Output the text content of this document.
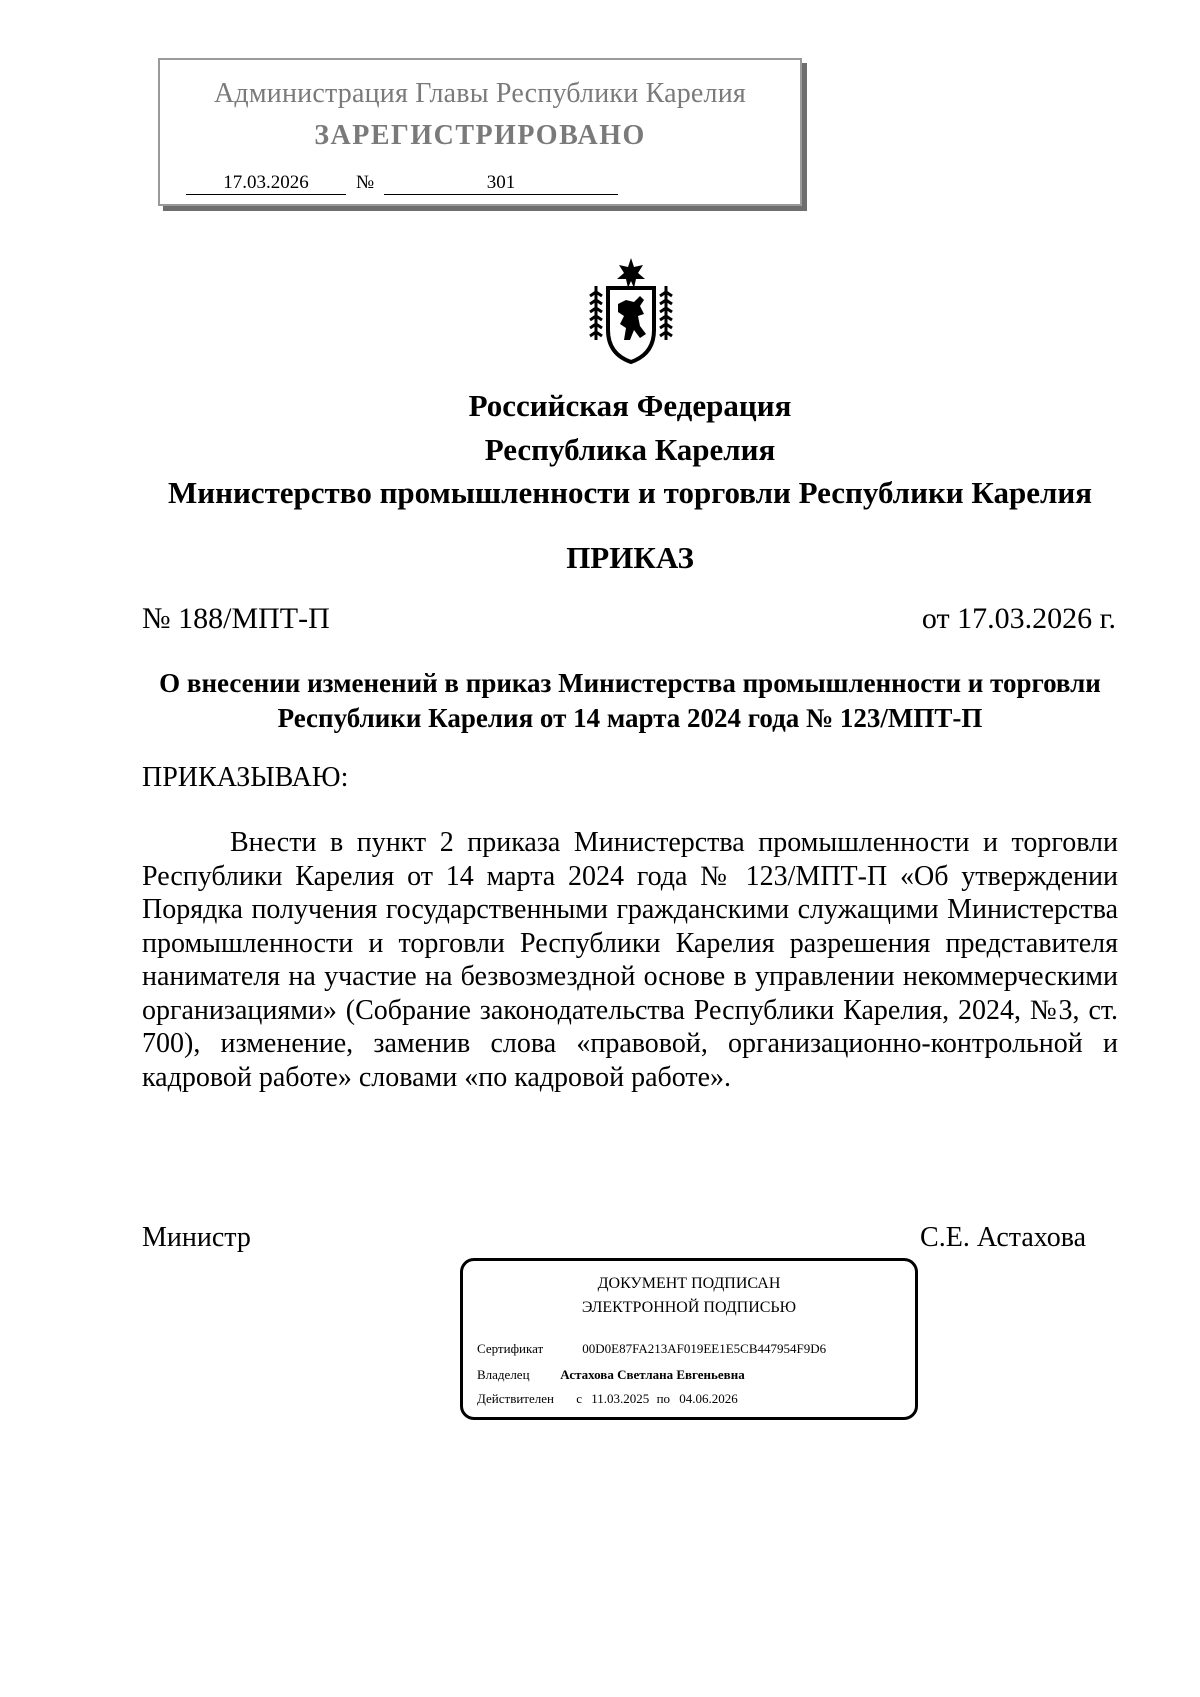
Администрация Главы Республики Карелия
ЗАРЕГИСТРИРОВАНО
17.03.2026	№	301
Российская Федерация
Республика Карелия
Министерство промышленности и торговли Республики Карелия
ПРИКАЗ
№ 188/МПТ-П	от 17.03.2026 г.
О внесении изменений в приказ Министерства промышленности и торговли Республики Карелия от 14 марта 2024 года № 123/МПТ-П
ПРИКАЗЫВАЮ:

Внести в пункт 2 приказа Министерства промышленности и торговли Республики Карелия от 14 марта 2024 года № 123/МПТ-П «Об утверждении Порядка получения государственными гражданскими служащими Министерства промышленности и торговли Республики Карелия разрешения представителя нанимателя на участие на безвозмездной основе в управлении некоммерческими организациями» (Собрание законодательства Республики Карелия, 2024, №3, ст. 700), изменение, заменив слова «правовой, организационно-контрольной и кадровой работе» словами «по кадровой работе».

Министр	С.Е. Астахова
ДОКУМЕНТ ПОДПИСАН
ЭЛЕКТРОННОЙ ПОДПИСЬЮ
Сертификат	00D0E87FA213AF019EE1E5CB447954F9D6
Владелец Астахова Светлана Евгеньевна
Действителен с 11.03.2025 по 04.06.2026
